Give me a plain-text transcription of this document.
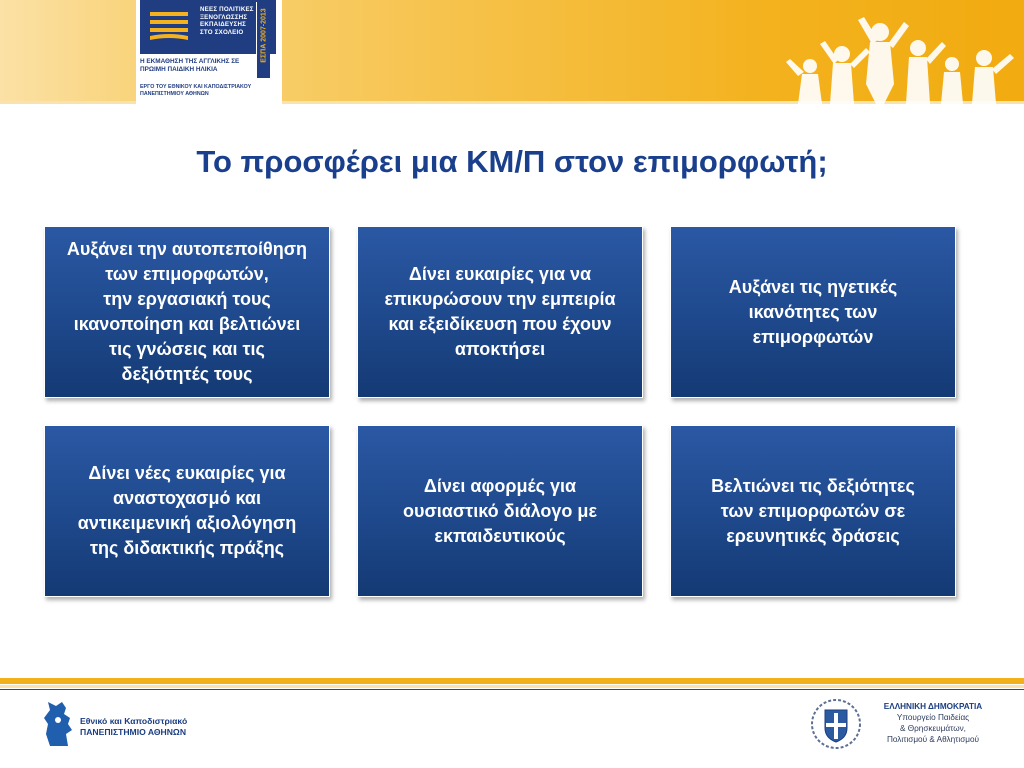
ΝΕΕΣ ΠΟΛΙΤΙΚΕΣ ΞΕΝΟΓΛΩΣΣΗΣ ΕΚΠΑΙΔΕΥΣΗΣ ΣΤΟ ΣΧΟΛΕΙΟ	ΕΣΠΑ 2007-2013
Η ΕΚΜΑΘΗΣΗ ΤΗΣ ΑΓΓΛΙΚΗΣ ΣΕ ΠΡΩΙΜΗ ΠΑΙΔΙΚΗ ΗΛΙΚΙΑ
ΕΡΓΟ ΤΟΥ ΕΘΝΙΚΟΥ ΚΑΙ ΚΑΠΟΔΙΣΤΡΙΑΚΟΥ ΠΑΝΕΠΙΣΤΗΜΙΟΥ ΑΘΗΝΩΝ
Το προσφέρει μια ΚΜ/Π στον επιμορφωτή;
Αυξάνει την αυτοπεποίθηση
των επιμορφωτών,
την εργασιακή τους
ικανοποίηση και βελτιώνει
τις γνώσεις και τις
δεξιότητές τους
Δίνει ευκαιρίες για να
επικυρώσουν την εμπειρία
και εξειδίκευση που έχουν
αποκτήσει
Αυξάνει τις ηγετικές
ικανότητες των
επιμορφωτών
Δίνει νέες ευκαιρίες για
αναστοχασμό και
αντικειμενική αξιολόγηση
της διδακτικής πράξης
Δίνει αφορμές για
ουσιαστικό διάλογο με
εκπαιδευτικούς
Βελτιώνει τις δεξιότητες
των επιμορφωτών σε
ερευνητικές δράσεις
Εθνικό και Καποδιστριακό
ΠΑΝΕΠΙΣΤΗΜΙΟ ΑΘΗΝΩΝ
ΕΛΛΗΝΙΚΗ ΔΗΜΟΚΡΑΤΙΑ
Υπουργείο Παιδείας
& Θρησκευμάτων,
Πολιτισμού & Αθλητισμού
